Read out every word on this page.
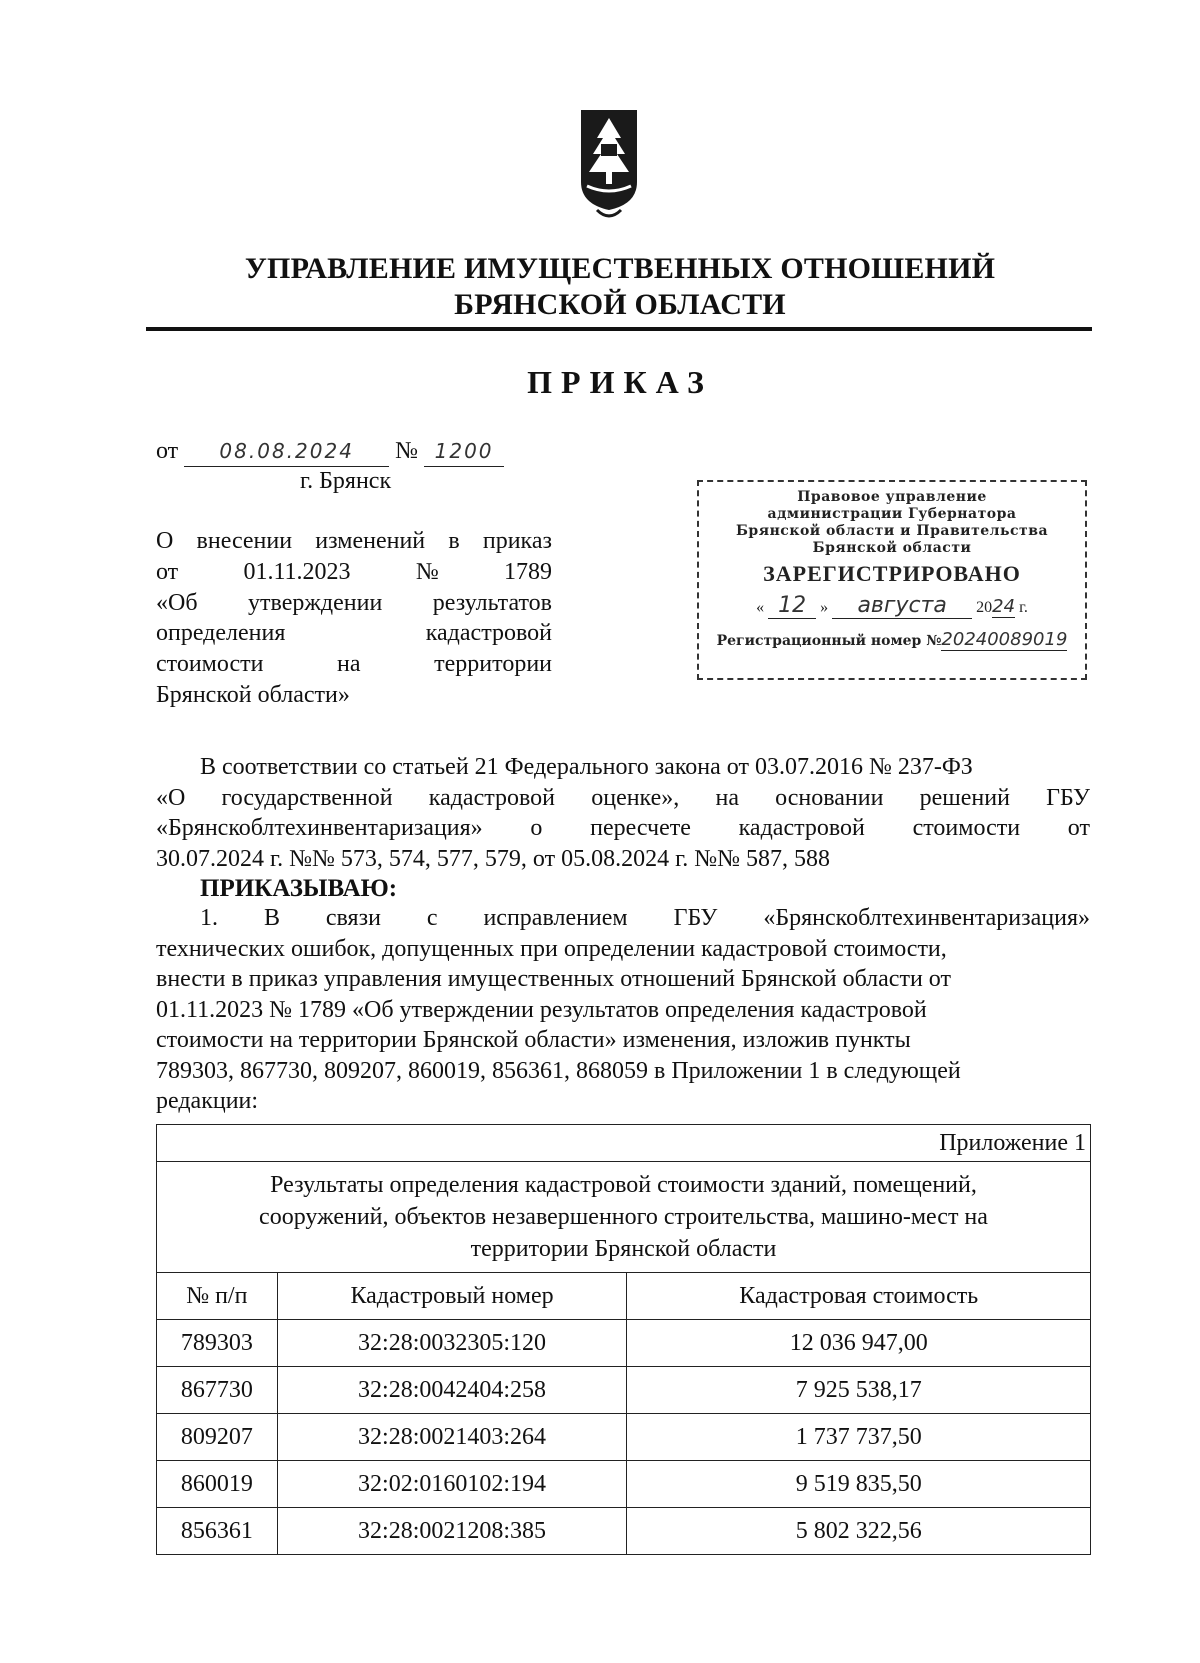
УПРАВЛЕНИЕ ИМУЩЕСТВЕННЫХ ОТНОШЕНИЙ
БРЯНСКОЙ ОБЛАСТИ
ПРИКАЗ
от 08.08.2024 № 1200
г. Брянск
О внесении изменений в приказ
от	01.11.2023	№	1789
«Об утверждении результатов
определения	кадастровой
стоимости	на	территории
Брянской области»
Правовое управление
администрации Губернатора
Брянской области и Правительства
Брянской области
ЗАРЕГИСТРИРОВАНО
« 12 » августа 2024 г.
Регистрационный номер №20240089019
В соответствии со статьей 21 Федерального закона от 03.07.2016 № 237-ФЗ
«О государственной кадастровой оценке», на основании решений ГБУ
«Брянскоблтехинвентаризация» о пересчете кадастровой стоимости от
30.07.2024 г. №№ 573, 574, 577, 579, от 05.08.2024 г. №№ 587, 588
ПРИКАЗЫВАЮ:
1. В связи с исправлением ГБУ «Брянскоблтехинвентаризация»
технических ошибок, допущенных при определении кадастровой стоимости,
внести в приказ управления имущественных отношений Брянской области от
01.11.2023 № 1789 «Об утверждении результатов определения кадастровой
стоимости на территории Брянской области» изменения, изложив пункты
789303, 867730, 809207, 860019, 856361, 868059 в Приложении 1 в следующей
редакции:
Приложение 1		

Результаты определения кадастровой стоимости зданий, помещений,
сооружений, объектов незавершенного строительства, машино-мест на
территории Брянской области		

№ п/п	Кадастровый номер	Кадастровая стоимость
789303	32:28:0032305:120	12 036 947,00
867730	32:28:0042404:258	7 925 538,17
809207	32:28:0021403:264	1 737 737,50
860019	32:02:0160102:194	9 519 835,50
856361	32:28:0021208:385	5 802 322,56
